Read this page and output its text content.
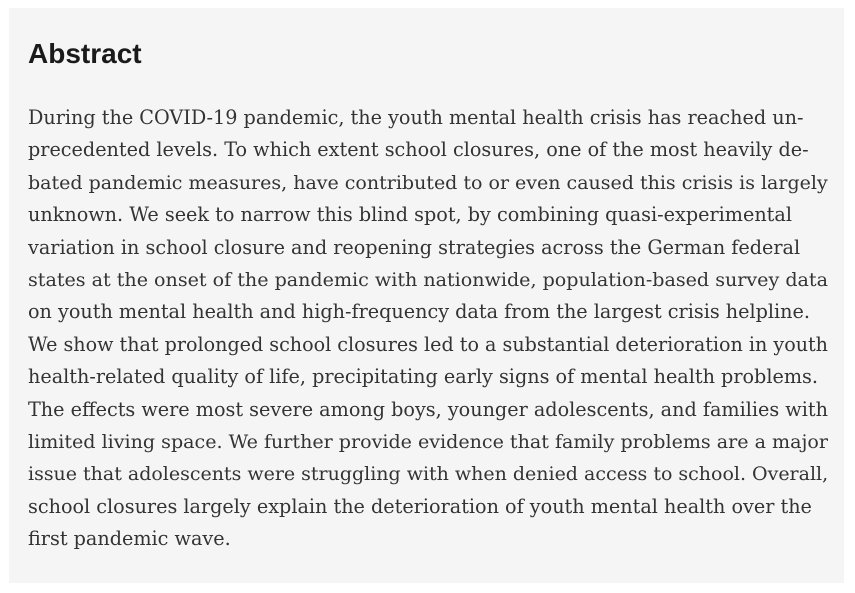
Abstract

During the COVID-19 pandemic, the youth mental health crisis has reached un-
precedented levels. To which extent school closures, one of the most heavily de-
bated pandemic measures, have contributed to or even caused this crisis is largely
unknown. We seek to narrow this blind spot, by combining quasi-experimental
variation in school closure and reopening strategies across the German federal
states at the onset of the pandemic with nationwide, population-based survey data
on youth mental health and high-frequency data from the largest crisis helpline.
We show that prolonged school closures led to a substantial deterioration in youth
health-related quality of life, precipitating early signs of mental health problems.
The effects were most severe among boys, younger adolescents, and families with
limited living space. We further provide evidence that family problems are a major
issue that adolescents were struggling with when denied access to school. Overall,
school closures largely explain the deterioration of youth mental health over the
first pandemic wave.
